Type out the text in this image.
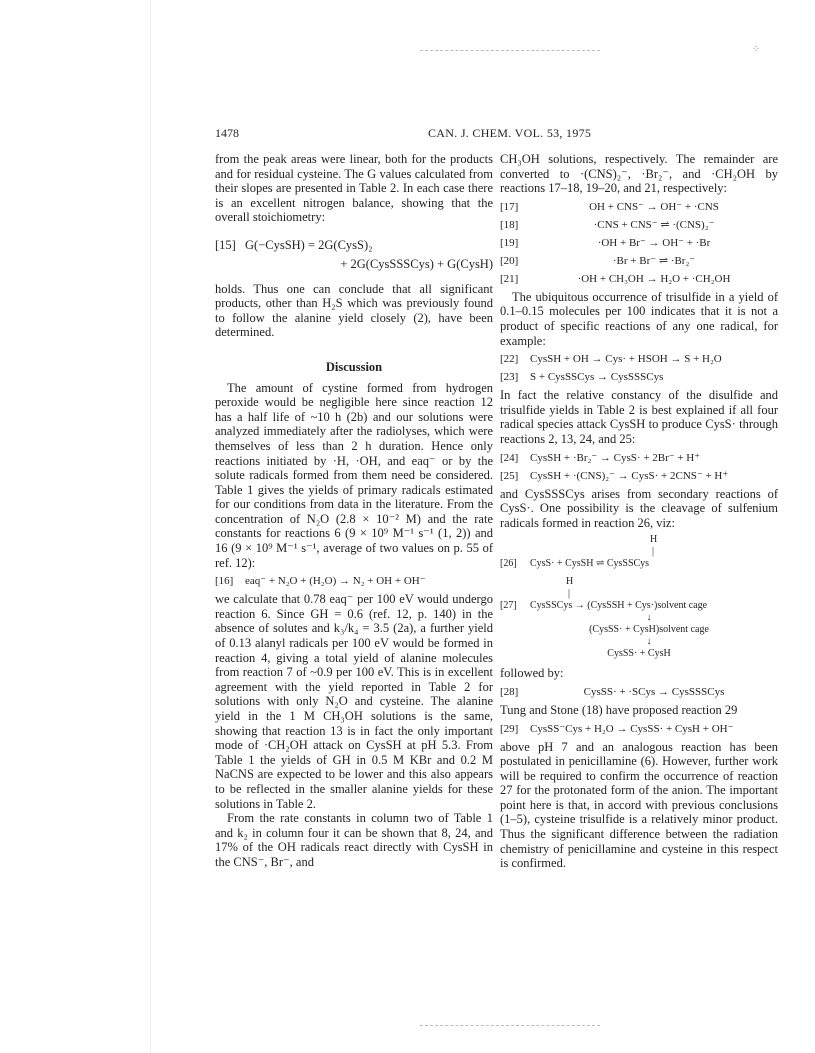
⁘
1478	CAN. J. CHEM. VOL. 53, 1975

from the peak areas were linear, both for the products and for residual cysteine. The G values calculated from their slopes are presented in Table 2. In each case there is an excellent nitrogen balance, showing that the overall stoichiometry:

[15] G(−CysSH) = 2G(CysS)₂
+ 2G(CysSSSCys) + G(CysH)

holds. Thus one can conclude that all significant products, other than H₂S which was previously found to follow the alanine yield closely (2), have been determined.

Discussion

The amount of cystine formed from hydrogen peroxide would be negligible here since reaction 12 has a half life of ~10 h (2b) and our solutions were analyzed immediately after the radiolyses, which were themselves of less than 2 h duration. Hence only reactions initiated by ·H, ·OH, and eaq⁻ or by the solute radicals formed from them need be considered. Table 1 gives the yields of primary radicals estimated for our conditions from data in the literature. From the concentration of N₂O (2.8 × 10⁻² M) and the rate constants for reactions 6 (9 × 10⁹ M⁻¹ s⁻¹ (1, 2)) and 16 (9 × 10⁹ M⁻¹ s⁻¹, average of two values on p. 55 of ref. 12):

[16]	eaq⁻ + N₂O + (H₂O) → N₂ + OH + OH⁻

we calculate that 0.78 eaq⁻ per 100 eV would undergo reaction 6. Since GH = 0.6 (ref. 12, p. 140) in the absence of solutes and k₃/k₄ = 3.5 (2a), a further yield of 0.13 alanyl radicals per 100 eV would be formed in reaction 4, giving a total yield of alanine molecules from reaction 7 of ~0.9 per 100 eV. This is in excellent agreement with the yield reported in Table 2 for solutions with only N₂O and cysteine. The alanine yield in the 1 M CH₃OH solutions is the same, showing that reaction 13 is in fact the only important mode of ·CH₂OH attack on CysSH at pH 5.3. From Table 1 the yields of GH in 0.5 M KBr and 0.2 M NaCNS are expected to be lower and this also appears to be reflected in the smaller alanine yields for these solutions in Table 2.

From the rate constants in column two of Table 1 and k₂ in column four it can be shown that 8, 24, and 17% of the OH radicals react directly with CysSH in the CNS⁻, Br⁻, and

CH₃OH solutions, respectively. The remainder are converted to ·(CNS)₂⁻, ·Br₂⁻, and ·CH₂OH by reactions 17–18, 19–20, and 21, respectively:

[17]	OH + CNS⁻ → OH⁻ + ·CNS
[18]	·CNS + CNS⁻ ⇌ ·(CNS)₂⁻
[19]	·OH + Br⁻ → OH⁻ + ·Br
[20]	·Br + Br⁻ ⇌ ·Br₂⁻
[21]	·OH + CH₃OH → H₂O + ·CH₂OH

The ubiquitous occurrence of trisulfide in a yield of 0.1–0.15 molecules per 100 indicates that it is not a product of specific reactions of any one radical, for example:

[22]	CysSH + OH → Cys· + HSOH → S + H₂O
[23]	S + CysSSCys → CysSSSCys

In fact the relative constancy of the disulfide and trisulfide yields in Table 2 is best explained if all four radical species attack CysSH to produce CysS· through reactions 2, 13, 24, and 25:

[24]	CysSH + ·Br₂⁻ → CysS· + 2Br⁻ + H⁺
[25]	CysSH + ·(CNS)₂⁻ → CysS· + 2CNS⁻ + H⁺

and CysSSSCys arises from secondary reactions of CysS·. One possibility is the cleavage of sulfenium radicals formed in reaction 26, viz:

H
|
[26]	CysS· + CysSH ⇌ CysSSCys
H
|
[27]	CysSSCys → (CysSSH + Cys·)solvent cage
↓
(CysSS· + CysH)solvent cage
↓
CysSS· + CysH

followed by:

[28]	CysSS· + ·SCys → CysSSSCys

Tung and Stone (18) have proposed reaction 29

[29]	CysSS⁻Cys + H₂O → CysSS· + CysH + OH⁻

above pH 7 and an analogous reaction has been postulated in penicillamine (6). However, further work will be required to confirm the occurrence of reaction 27 for the protonated form of the anion. The important point here is that, in accord with previous conclusions (1–5), cysteine trisulfide is a relatively minor product. Thus the significant difference between the radiation chemistry of penicillamine and cysteine in this respect is confirmed.
